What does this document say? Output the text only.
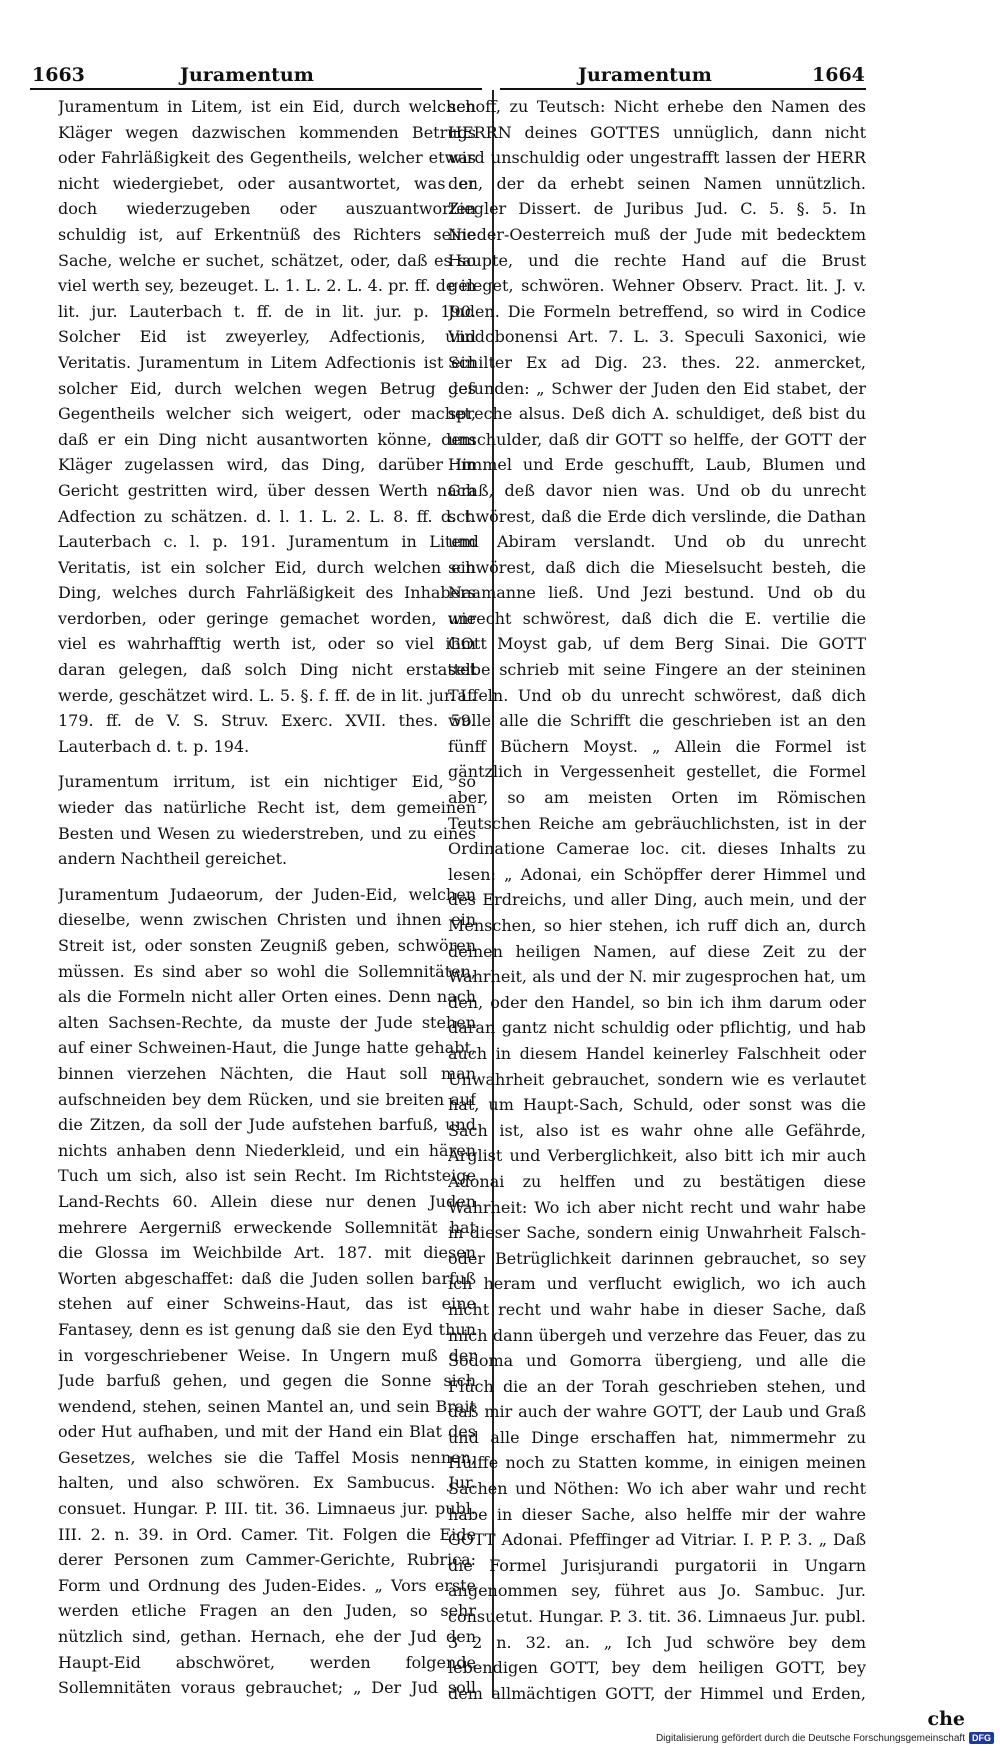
1663	Juramentum	Juramentum	1664

Juramentum in Litem, ist ein Eid, durch welchen Kläger wegen dazwischen kommenden Betrugs oder Fahrläßigkeit des Gegentheils, welcher etwas nicht wiedergiebet, oder ausantwortet, was er doch wiederzugeben oder auszuantworten schuldig ist, auf Erkentnüß des Richters seine Sache, welche er suchet, schätzet, oder, daß es so viel werth sey, bezeuget. L. 1. L. 2. L. 4. pr. ff. de in lit. jur. Lauterbach t. ff. de in lit. jur. p. 190. Solcher Eid ist zweyerley, Adfectionis, und Veritatis. Juramentum in Litem Adfectionis ist ein solcher Eid, durch welchen wegen Betrug des Gegentheils welcher sich weigert, oder machet, daß er ein Ding nicht ausantworten könne, dem Kläger zugelassen wird, das Ding, darüber im Gericht gestritten wird, über dessen Werth nach Adfection zu schätzen. d. l. 1. L. 2. L. 8. ff. d. t. Lauterbach c. l. p. 191. Juramentum in Litem Veritatis, ist ein solcher Eid, durch welchen ein Ding, welches durch Fahrläßigkeit des Inhabers verdorben, oder geringe gemachet worden, wie viel es wahrhafftig werth ist, oder so viel ihm daran gelegen, daß solch Ding nicht erstattet werde, geschätzet wird. L. 5. §. f. ff. de in lit. jur. L. 179. ff. de V. S. Struv. Exerc. XVII. thes. 59. Lauterbach d. t. p. 194.

Juramentum irritum, ist ein nichtiger Eid, so wieder das natürliche Recht ist, dem gemeinen Besten und Wesen zu wiederstreben, und zu eines andern Nachtheil gereichet.

Juramentum Judaeorum, der Juden-Eid, welchen dieselbe, wenn zwischen Christen und ihnen ein Streit ist, oder sonsten Zeugniß geben, schwören müssen. Es sind aber so wohl die Sollemnitäten, als die Formeln nicht aller Orten eines. Denn nach alten Sachsen-Rechte, da muste der Jude stehen auf einer Schweinen-Haut, die Junge hatte gehabt, binnen vierzehen Nächten, die Haut soll man aufschneiden bey dem Rücken, und sie breiten auf die Zitzen, da soll der Jude aufstehen barfuß, und nichts anhaben denn Niederkleid, und ein hären Tuch um sich, also ist sein Recht. Im Richtsteige Land-Rechts 60. Allein diese nur denen Juden mehrere Aergerniß erweckende Sollemnität hat die Glossa im Weichbilde Art. 187. mit diesen Worten abgeschaffet: daß die Juden sollen barfuß stehen auf einer Schweins-Haut, das ist eine Fantasey, denn es ist genung daß sie den Eyd thun in vorgeschriebener Weise. In Ungern muß der Jude barfuß gehen, und gegen die Sonne sich wendend, stehen, seinen Mantel an, und sein Brait oder Hut aufhaben, und mit der Hand ein Blat des Gesetzes, welches sie die Taffel Mosis nennen, halten, und also schwören. Ex Sambucus. Jur. consuet. Hungar. P. III. tit. 36. Limnaeus jur. publ. III. 2. n. 39. in Ord. Camer. Tit. Folgen die Eide derer Personen zum Cammer-Gerichte, Rubrica: Form und Ordnung des Juden-Eides. „ Vors erste werden etliche Fragen an den Juden, so sehr nützlich sind, gethan. Hernach, ehe der Jud den Haupt-Eid abschwöret, werden folgende Sollemnitäten voraus gebrauchet; „ Der Jud soll

schoff, zu Teutsch: Nicht erhebe den Namen des HERRN deines GOTTES unnüglich, dann nicht wird unschuldig oder ungestrafft lassen der HERR den, der da erhebt seinen Namen unnützlich. Ziegler Dissert. de Juribus Jud. C. 5. §. 5. In Nieder-Oesterreich muß der Jude mit bedecktem Haupte, und die rechte Hand auf die Brust geleget, schwören. Wehner Observ. Pract. lit. J. v. Juden. Die Formeln betreffend, so wird in Codice Vindobonensi Art. 7. L. 3. Speculi Saxonici, wie Schilter Ex ad Dig. 23. thes. 22. anmercket, gefunden: „ Schwer der Juden den Eid stabet, der spreche alsus. Deß dich A. schuldiget, deß bist du unschulder, daß dir GOTT so helffe, der GOTT der Himmel und Erde geschufft, Laub, Blumen und Graß, deß davor nien was. Und ob du unrecht schwörest, daß die Erde dich verslinde, die Dathan und Abiram verslandt. Und ob du unrecht schwörest, daß dich die Mieselsucht besteh, die Naamanne ließ. Und Jezi bestund. Und ob du unrecht schwörest, daß dich die E. vertilie die GOtt Moyst gab, uf dem Berg Sinai. Die GOTT selbe schrieb mit seine Fingere an der steininen Taffeln. Und ob du unrecht schwörest, daß dich wolle alle die Schrifft die geschrieben ist an den fünff Büchern Moyst. „ Allein die Formel ist gäntzlich in Vergessenheit gestellet, die Formel aber, so am meisten Orten im Römischen Teutschen Reiche am gebräuchlichsten, ist in der Ordinatione Camerae loc. cit. dieses Inhalts zu lesen: „ Adonai, ein Schöpffer derer Himmel und des Erdreichs, und aller Ding, auch mein, und der Menschen, so hier stehen, ich ruff dich an, durch deinen heiligen Namen, auf diese Zeit zu der Wahrheit, als und der N. mir zugesprochen hat, um den, oder den Handel, so bin ich ihm darum oder daran gantz nicht schuldig oder pflichtig, und hab auch in diesem Handel keinerley Falschheit oder Unwahrheit gebrauchet, sondern wie es verlautet hat, um Haupt-Sach, Schuld, oder sonst was die Sach ist, also ist es wahr ohne alle Gefährde, Arglist und Verberglichkeit, also bitt ich mir auch Adonai zu helffen und zu bestätigen diese Wahrheit: Wo ich aber nicht recht und wahr habe in dieser Sache, sondern einig Unwahrheit Falsch- oder Betrüglichkeit darinnen gebrauchet, so sey ich heram und verflucht ewiglich, wo ich auch nicht recht und wahr habe in dieser Sache, daß mich dann übergeh und verzehre das Feuer, das zu Sodoma und Gomorra übergieng, und alle die Flüch die an der Torah geschrieben stehen, und daß mir auch der wahre GOTT, der Laub und Graß und alle Dinge erschaffen hat, nimmermehr zu Hülffe noch zu Statten komme, in einigen meinen Sachen und Nöthen: Wo ich aber wahr und recht habe in dieser Sache, also helffe mir der wahre GOTT Adonai. Pfeffinger ad Vitriar. I. P. P. 3. „ Daß die Formel Jurisjurandi purgatorii in Ungarn angenommen sey, führet aus Jo. Sambuc. Jur. consuetut. Hungar. P. 3. tit. 36. Limnaeus Jur. publ. 3 2 n. 32. an. „ Ich Jud schwöre bey dem lebendigen GOTT, bey dem heiligen GOTT, bey dem allmächtigen GOTT, der Himmel und Erden,

che
Digitalisierung gefördert durch die Deutsche Forschungsgemeinschaft DFG
